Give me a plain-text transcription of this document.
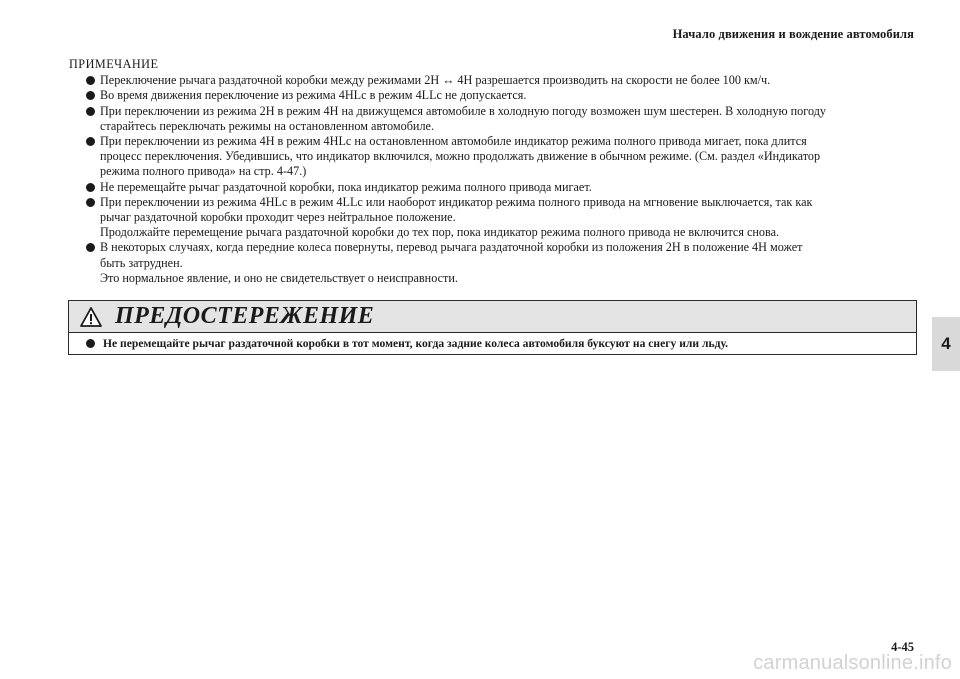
Начало движения и вождение автомобиля
4
ПРИМЕЧАНИЕ
Переключение рычага раздаточной коробки между режимами 2H ↔ 4H разрешается производить на скорости не более 100 км/ч.
Во время движения переключение из режима 4HLc в режим 4LLc не допускается.
При переключении из режима 2H в режим 4H на движущемся автомобиле в холодную погоду возможен шум шестерен. В холодную погоду
старайтесь переключать режимы на остановленном автомобиле.
При переключении из режима 4H в режим 4HLc на остановленном автомобиле индикатор режима полного привода мигает, пока длится
процесс переключения. Убедившись, что индикатор включился, можно продолжать движение в обычном режиме. (См. раздел «Индикатор
режима полного привода» на стр. 4-47.)
Не перемещайте рычаг раздаточной коробки, пока индикатор режима полного привода мигает.
При переключении из режима 4HLc в режим 4LLc или наоборот индикатор режима полного привода на мгновение выключается, так как
рычаг раздаточной коробки проходит через нейтральное положение.
Продолжайте перемещение рычага раздаточной коробки до тех пор, пока индикатор режима полного привода не включится снова.
В некоторых случаях, когда передние колеса повернуты, перевод рычага раздаточной коробки из положения 2H в положение 4H может
быть затруднен.
Это нормальное явление, и оно не свидетельствует о неисправности.
ПРЕДОСТЕРЕЖЕНИЕ
Не перемещайте рычаг раздаточной коробки в тот момент, когда задние колеса автомобиля буксуют на снегу или льду.
4-45
carmanualsonline.info
